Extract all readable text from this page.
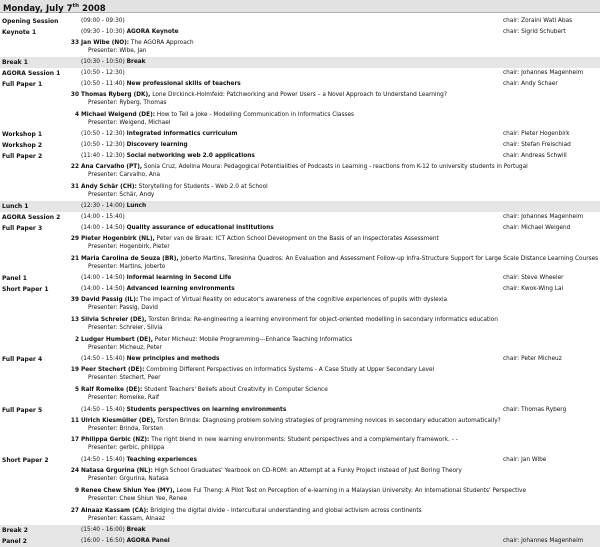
Monday, July 7th 2008
Opening Session	(09:00 - 09:30)	chair: Zoraini Wati Abas
Keynote 1	(09:30 - 10:30) AGORA Keynote	chair: Sigrid Schubert
33 Jan Wibe (NO): The AGORA Approach
Presenter: Wibe, Jan
Break 1	(10:30 - 10:50) Break
AGORA Session 1	(10:50 - 12:30)	chair: Johannes Magenheim
Full Paper 1	(10:50 - 11:40) New professional skills of teachers	chair: Andy Schaer
30 Thomas Ryberg (DK), Lone Dirckinck-Holmfeld: Patchworking and Power Users – a Novel Approach to Understand Learning?
Presenter: Ryberg, Thomas
4 Michael Weigend (DE): How to Tell a Joke - Modelling Communication in Informatics Classes
Presenter: Weigend, Michael
Workshop 1	(10:50 - 12:30) Integrated informatics curriculum	chair: Pieter Hogenbirk
Workshop 2	(10:50 - 12:30) Discovery learning	chair: Stefan Freischlad
Full Paper 2	(11:40 - 12:30) Social networking web 2.0 applications	chair: Andreas Schwill
22 Ana Carvalho (PT), Sonia Cruz, Adelina Moura: Pedagogical Potentialities of Podcasts in Learning - reactions from K-12 to university students in Portugal
Presenter: Carvalho, Ana
31 Andy Schär (CH): Storytelling for Students - Web 2.0 at School
Presenter: Schär, Andy
Lunch 1	(12:30 - 14:00) Lunch
AGORA Session 2	(14:00 - 15:40)	chair: Johannes Magenheim
Full Paper 3	(14:00 - 14:50) Quality assurance of educational institutions	chair: Michael Weigend
29 Pieter Hogenbirk (NL), Peter van de Braak: ICT Action School Development on the Basis of an Inspectorates Assessment
Presenter: Hogenbirk, Pieter
21 Maria Carolina de Souza (BR), Joberto Martins, Teresinha Quadros: An Evaluation and Assessment Follow-up Infra-Structure Support for Large Scale Distance Learning Courses
Presenter: Martins, Joberto
Panel 1	(14:00 - 14:50) Informal learning in Second Life	chair: Steve Wheeler
Short Paper 1	(14:00 - 14:50) Advanced learning environments	chair: Kwok-Wing Lai
39 David Passig (IL): The impact of Virtual Reality on educator's awareness of the cognitive experiences of pupils with dyslexia
Presenter: Passig, David
13 Silvia Schreier (DE), Torsten Brinda: Re-engineering a learning environment for object-oriented modelling in secondary informatics education
Presenter: Schreier, Silvia
2 Ludger Humbert (DE), Peter Micheuz: Mobile Programming---Enhance Teaching Informatics
Presenter: Micheuz, Peter
Full Paper 4	(14:50 - 15:40) New principles and methods	chair: Peter Micheuz
19 Peer Stechert (DE): Combining Different Perspectives on Informatics Systems - A Case Study at Upper Secondary Level
Presenter: Stechert, Peer
5 Ralf Romeike (DE): Student Teachers' Beliefs about Creativity in Computer Science
Presenter: Romeike, Ralf
Full Paper 5	(14:50 - 15:40) Students perspectives on learning environments	chair: Thomas Ryberg
11 Ulrich Kiesmüller (DE), Torsten Brinda: Diagnosing problem solving strategies of programming novices in secondary education automatically?
Presenter: Brinda, Torsten
17 Philippa Gerbic (NZ): The right blend in new learning environments: Student perspectives and a complementary framework. - -
Presenter: gerbic, philippa
Short Paper 2	(14:50 - 15:40) Teaching experiences	chair: Jan Wibe
24 Natasa Grgurina (NL): High School Graduates' Yearbook on CD-ROM: an Attempt at a Funky Project instead of Just Boring Theory
Presenter: Grgurina, Natasa
9 Renee Chew Shiun Yee (MY), Leow Fui Theng: A Pilot Test on Perception of e-learning in a Malaysian University: An International Students' Perspective
Presenter: Chew Shiun Yee, Renee
27 Alnaaz Kassam (CA): Bridging the digital divide - Intercultural understanding and global activism across continents
Presenter: Kassam, Alnaaz
Break 2	(15:40 - 16:00) Break
Panel 2	(16:00 - 16:50) AGORA Panel	chair: Johannes Magenheim
